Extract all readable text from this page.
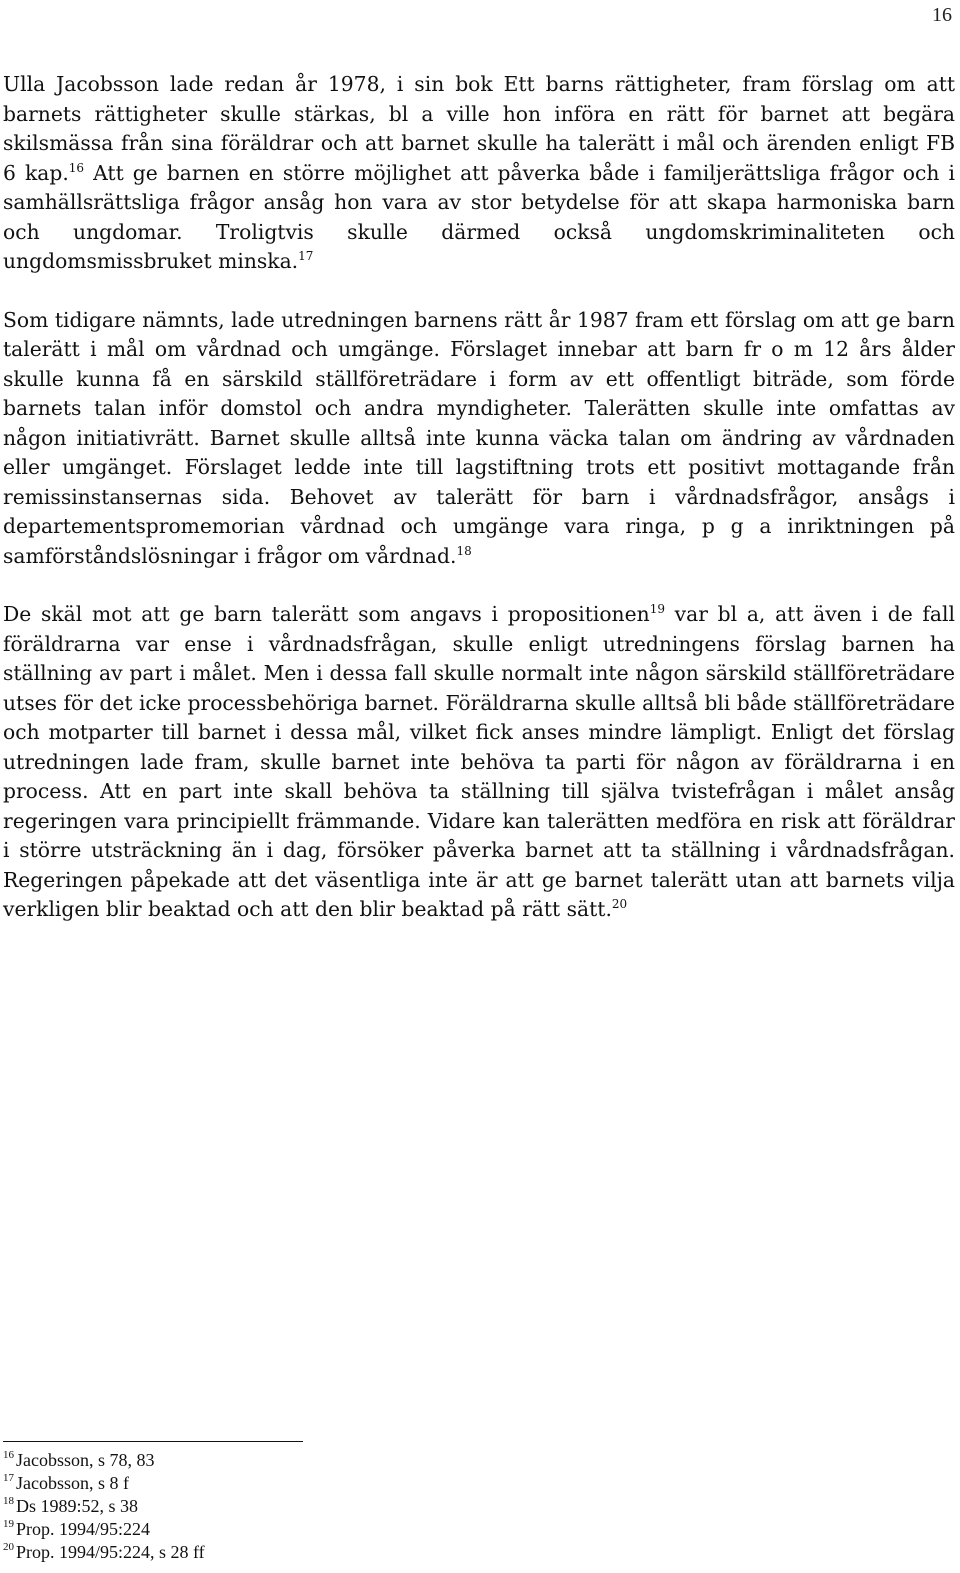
16

Ulla Jacobsson lade redan år 1978, i sin bok Ett barns rättigheter, fram förslag om att barnets rättigheter skulle stärkas, bl a ville hon införa en rätt för barnet att begära skilsmässa från sina föräldrar och att barnet skulle ha talerätt i mål och ärenden enligt FB 6 kap.$^{16}$ Att ge barnen en större möjlighet att påverka både i familjerättsliga frågor och i samhällsrättsliga frågor ansåg hon vara av stor betydelse för att skapa harmoniska barn och ungdomar. Troligtvis skulle därmed också ungdomskriminaliteten och ungdomsmissbruket minska.$^{17}$

Som tidigare nämnts, lade utredningen barnens rätt år 1987 fram ett förslag om att ge barn talerätt i mål om vårdnad och umgänge. Förslaget innebar att barn fr o m 12 års ålder skulle kunna få en särskild ställföreträdare i form av ett offentligt biträde, som förde barnets talan inför domstol och andra myndigheter. Talerätten skulle inte omfattas av någon initiativrätt. Barnet skulle alltså inte kunna väcka talan om ändring av vårdnaden eller umgänget. Förslaget ledde inte till lagstiftning trots ett positivt mottagande från remissinstansernas sida. Behovet av talerätt för barn i vårdnadsfrågor, ansågs i departementspromemorian vårdnad och umgänge vara ringa, p g a inriktningen på samförståndslösningar i frågor om vårdnad.$^{18}$

De skäl mot att ge barn talerätt som angavs i propositionen$^{19}$ var bl a, att även i de fall föräldrarna var ense i vårdnadsfrågan, skulle enligt utredningens förslag barnen ha ställning av part i målet. Men i dessa fall skulle normalt inte någon särskild ställföreträdare utses för det icke processbehöriga barnet. Föräldrarna skulle alltså bli både ställföreträdare och motparter till barnet i dessa mål, vilket fick anses mindre lämpligt. Enligt det förslag utredningen lade fram, skulle barnet inte behöva ta parti för någon av föräldrarna i en process. Att en part inte skall behöva ta ställning till själva tvistefrågan i målet ansåg regeringen vara principiellt främmande. Vidare kan talerätten medföra en risk att föräldrar i större utsträckning än i dag, försöker påverka barnet att ta ställning i vårdnadsfrågan. Regeringen påpekade att det väsentliga inte är att ge barnet talerätt utan att barnets vilja verkligen blir beaktad och att den blir beaktad på rätt sätt.$^{20}$

$^{16}$ Jacobsson, s 78, 83

$^{17}$ Jacobsson, s 8 f

$^{18}$ Ds 1989:52, s 38

$^{19}$ Prop. 1994/95:224

$^{20}$ Prop. 1994/95:224, s 28 ff
